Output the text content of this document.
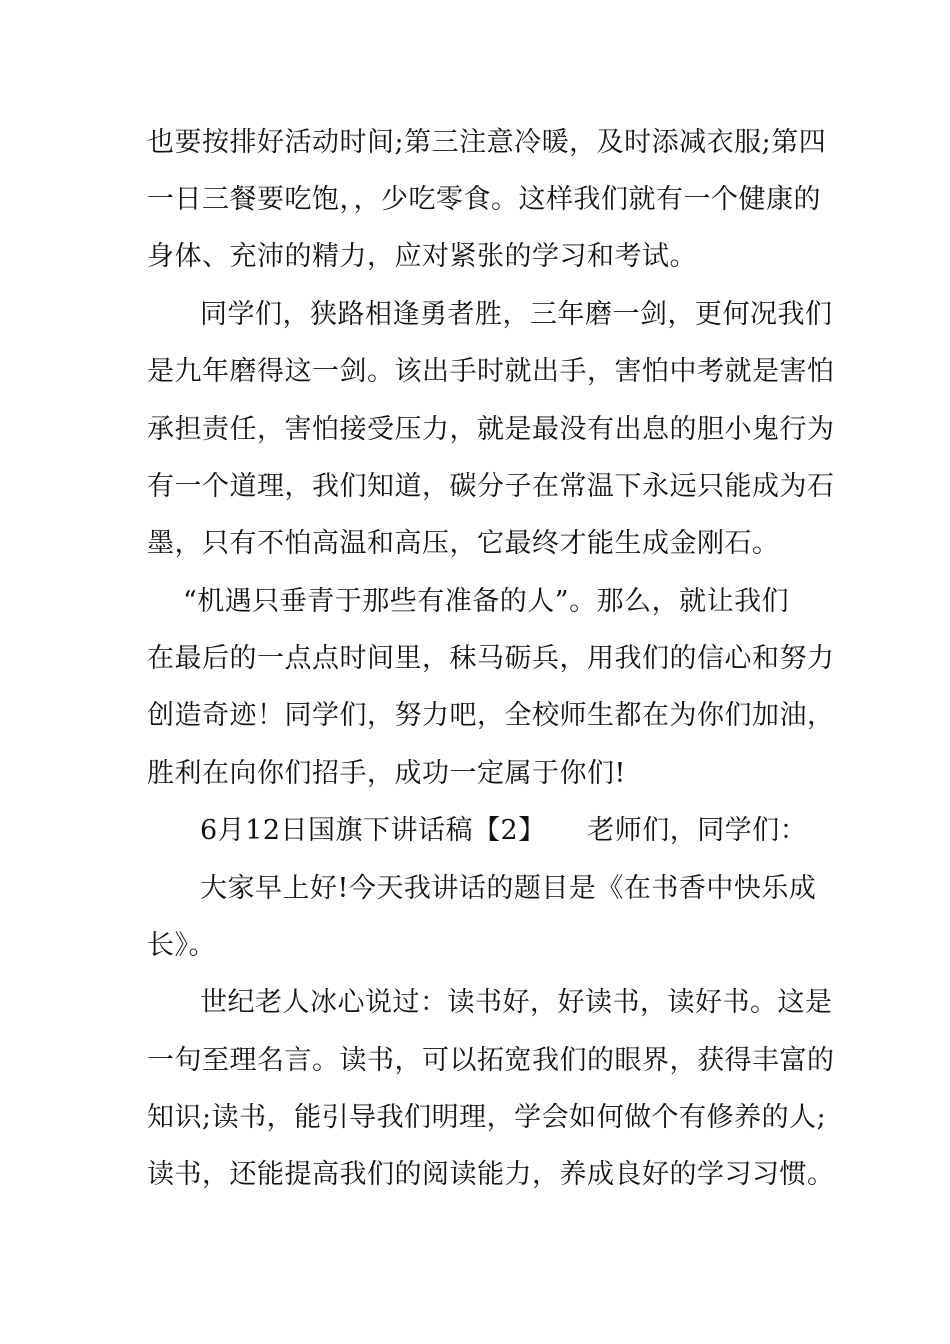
也要按排好活动时间;第三注意冷暖，及时添减衣服;第四
一日三餐要吃饱，，少吃零食。这样我们就有一个健康的
身体、充沛的精力，应对紧张的学习和考试。
同学们，狭路相逢勇者胜，三年磨一剑，更何况我们
是九年磨得这一剑。该出手时就出手，害怕中考就是害怕
承担责任，害怕接受压力，就是最没有出息的胆小鬼行为
有一个道理，我们知道，碳分子在常温下永远只能成为石
墨，只有不怕高温和高压，它最终才能生成金刚石。
“机遇只垂青于那些有准备的人”。那么，就让我们
在最后的一点点时间里，秣马砺兵，用我们的信心和努力
创造奇迹！同学们，努力吧，全校师生都在为你们加油，
胜利在向你们招手，成功一定属于你们!
6月12日国旗下讲话稿【2】　　老师们，同学们：
大家早上好!今天我讲话的题目是《在书香中快乐成
长》。
世纪老人冰心说过：读书好，好读书，读好书。这是
一句至理名言。读书，可以拓宽我们的眼界，获得丰富的
知识;读书，能引导我们明理，学会如何做个有修养的人;
读书，还能提高我们的阅读能力，养成良好的学习习惯。
